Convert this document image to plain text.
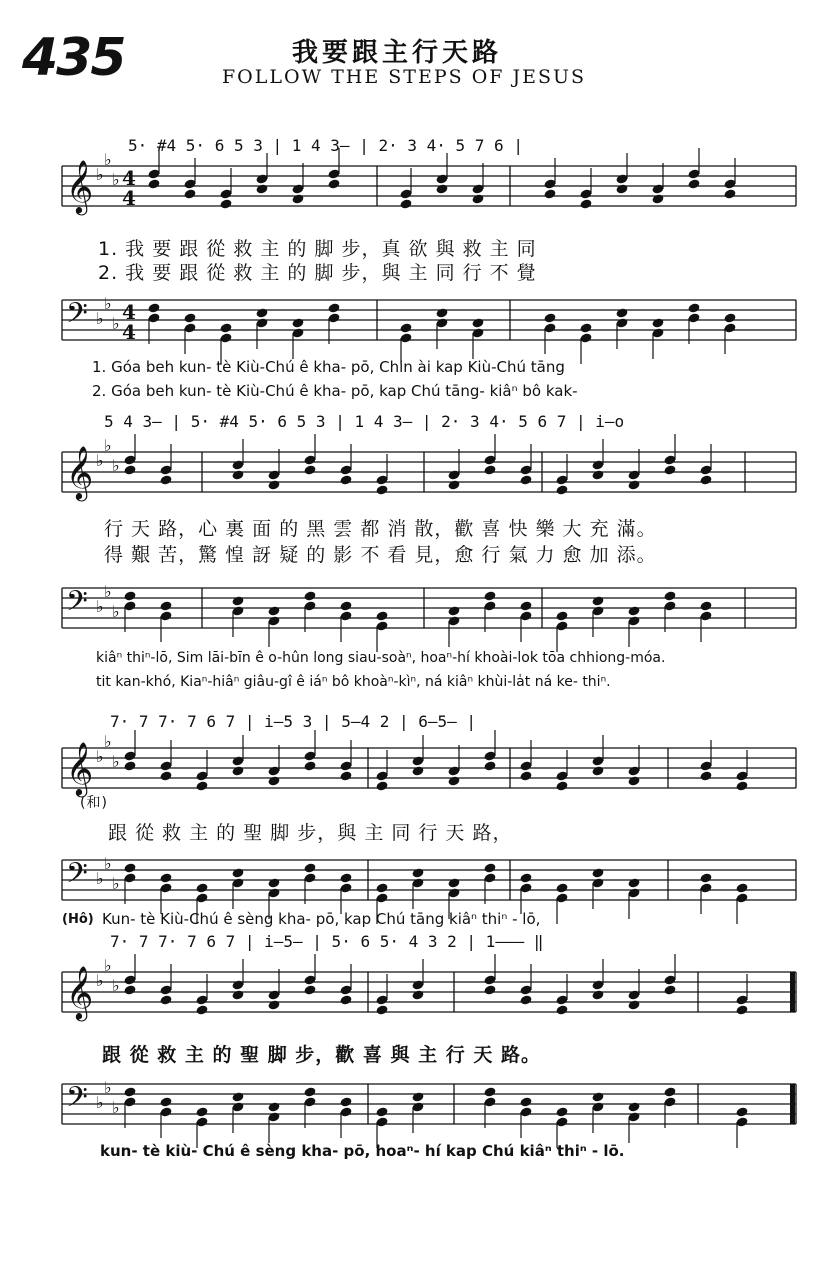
435	我要跟主行天路
FOLLOW THE STEPS OF JESUS
5· #4 5· 6 5 3 | 1 4 3— | 2· 3 4· 5 7 6 |
1. 我 要 跟 從 救 主 的 脚 步，真 欲 與 救 主 同
2. 我 要 跟 從 救 主 的 脚 步，與 主 同 行 不 覺
1. Góa beh kun- tè Kiù-Chú ê kha- pō, Chin ài kap Kiù-Chú tāng
2. Góa beh kun- tè Kiù-Chú ê kha- pō, kap Chú tāng- kiâⁿ bô kak-
5 4 3— | 5· #4 5· 6 5 3 | 1 4 3— | 2· 3 4· 5 6 7 | i—o
行 天 路，心 裏 面 的 黑 雲 都 消 散，歡 喜 快 樂 大 充 滿。
得 艱 苦，驚 惶 訝 疑 的 影 不 看 見，愈 行 氣 力 愈 加 添。
kiâⁿ thiⁿ-lō, Sim lāi-bīn ê o-hûn long siau-soàⁿ, hoaⁿ-hí khoài-lok tōa chhiong-móa.
tit kan-khó, Kiaⁿ-hiâⁿ giâu-gî ê iáⁿ bô khoàⁿ-kìⁿ, ná kiâⁿ khùi-la̍t ná ke- thiⁿ.
7· 7 7· 7 6 7 | i—5 3 | 5—4 2 | 6—5— |
(和)
跟 從 救 主 的 聖 脚 步，與 主 同 行 天 路，
(Hô) Kun- tè Kiù-Chú ê sèng kha- pō, kap Chú tāng kiâⁿ thiⁿ - lō,
7· 7 7· 7 6 7 | i—5— | 5· 6 5· 4 3 2 | 1——— ‖
跟 從 救 主 的 聖 脚 步，歡 喜 與 主 行 天 路。
kun- tè kiù- Chú ê sèng kha- pō, hoaⁿ- hí kap Chú kiâⁿ thiⁿ - lō.
𝄞 ♭
♭
♭ 4
4
𝄢 ♭
♭
♭ 4
4
𝄞 ♭
♭
♭
𝄢 ♭
♭
♭
𝄞 ♭
♭
♭
𝄢 ♭
♭
♭
𝄞 ♭
♭
♭
𝄢 ♭
♭
♭
